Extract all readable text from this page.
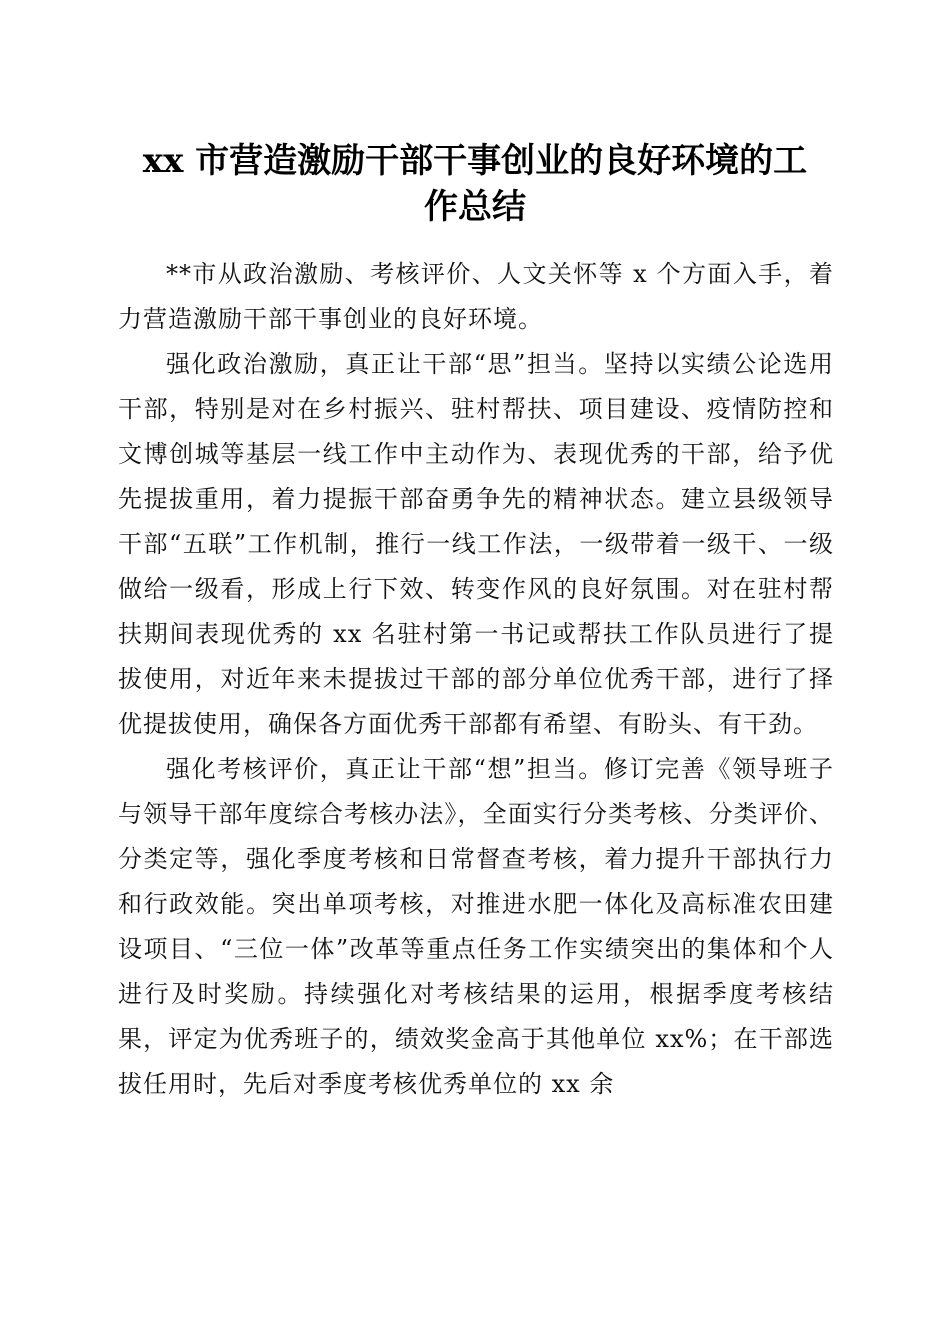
xx 市营造激励干部干事创业的良好环境的工
作总结

**市从政治激励、考核评价、人文关怀等 x 个方面入手，着力营造激励干部干事创业的良好环境。

强化政治激励，真正让干部“思”担当。坚持以实绩公论选用干部，特别是对在乡村振兴、驻村帮扶、项目建设、疫情防控和文博创城等基层一线工作中主动作为、表现优秀的干部，给予优先提拔重用，着力提振干部奋勇争先的精神状态。建立县级领导干部“五联”工作机制，推行一线工作法，一级带着一级干、一级做给一级看，形成上行下效、转变作风的良好氛围。对在驻村帮扶期间表现优秀的 xx 名驻村第一书记或帮扶工作队员进行了提拔使用，对近年来未提拔过干部的部分单位优秀干部，进行了择优提拔使用，确保各方面优秀干部都有希望、有盼头、有干劲。

强化考核评价，真正让干部“想”担当。修订完善《领导班子与领导干部年度综合考核办法》，全面实行分类考核、分类评价、分类定等，强化季度考核和日常督查考核，着力提升干部执行力和行政效能。突出单项考核，对推进水肥一体化及高标准农田建设项目、“三位一体”改革等重点任务工作实绩突出的集体和个人进行及时奖励。持续强化对考核结果的运用，根据季度考核结果，评定为优秀班子的，绩效奖金高于其他单位 xx%；在干部选拔任用时，先后对季度考核优秀单位的 xx 余
